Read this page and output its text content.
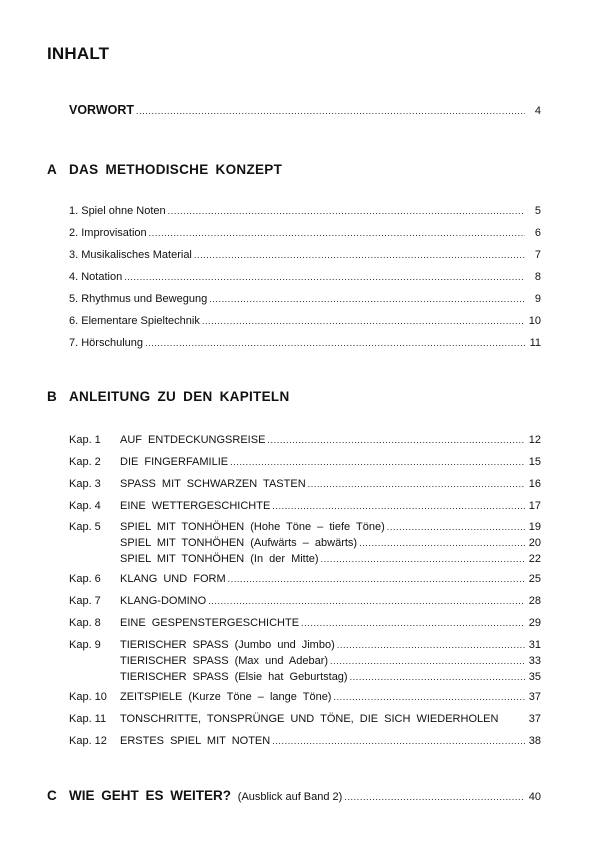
INHALT
VORWORT .....	4
A DAS METHODISCHE KONZEPT
1. Spiel ohne Noten .....	5
2. Improvisation .....	6
3. Musikalisches Material .....	7
4. Notation .....	8
5. Rhythmus und Bewegung .....	9
6. Elementare Spieltechnik .....	10
7. Hörschulung .....	11
B ANLEITUNG ZU DEN KAPITELN
Kap. 1 AUF ENTDECKUNGSREISE .....	12
Kap. 2 DIE FINGERFAMILIE .....	15
Kap. 3 SPASS MIT SCHWARZEN TASTEN .....	16
Kap. 4 EINE WETTERGESCHICHTE .....	17
Kap. 5 SPIEL MIT TONHÖHEN (Hohe Töne – tiefe Töne) .....	19
SPIEL MIT TONHÖHEN (Aufwärts – abwärts) .....	20
SPIEL MIT TONHÖHEN (In der Mitte) .....	22
Kap. 6 KLANG UND FORM .....	25
Kap. 7 KLANG-DOMINO .....	28
Kap. 8 EINE GESPENSTERGESCHICHTE .....	29
Kap. 9 TIERISCHER SPASS (Jumbo und Jimbo) .....	31
TIERISCHER SPASS (Max und Adebar) .....	33
TIERISCHER SPASS (Elsie hat Geburtstag) .....	35
Kap. 10 ZEITSPIELE (Kurze Töne – lange Töne) .....	37
Kap. 11 TONSCHRITTE, TONSPRÜNGE UND TÖNE, DIE SICH WIEDERHOLEN	37
Kap. 12 ERSTES SPIEL MIT NOTEN .....	38
C WIE GEHT ES WEITER? (Ausblick auf Band 2) .....	40
